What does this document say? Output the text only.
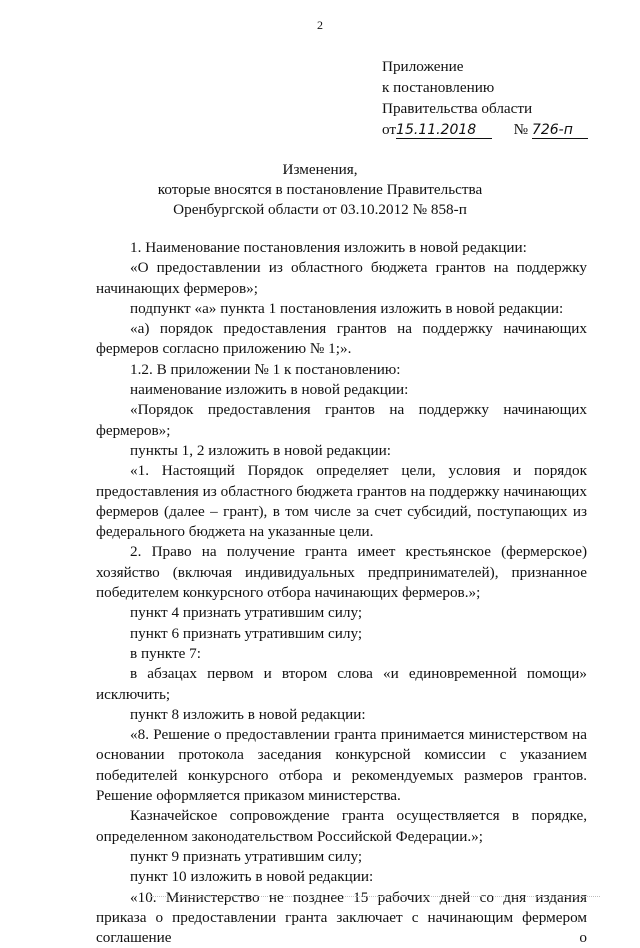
2
Приложение
к постановлению
Правительства области
от15.11.2018 № 726-п
Изменения,
которые вносятся в постановление Правительства
Оренбургской области от 03.10.2012 № 858-п

1. Наименование постановления изложить в новой редакции:

«О предоставлении из областного бюджета грантов на поддержку начинающих фермеров»;

подпункт «а» пункта 1 постановления изложить в новой редакции:

«а) порядок предоставления грантов на поддержку начинающих фермеров согласно приложению № 1;».

1.2. В приложении № 1 к постановлению:

наименование изложить в новой редакции:

«Порядок предоставления грантов на поддержку начинающих фермеров»;

пункты 1, 2 изложить в новой редакции:

«1. Настоящий Порядок определяет цели, условия и порядок предоставления из областного бюджета грантов на поддержку начинающих фермеров (далее – грант), в том числе за счет субсидий, поступающих из федерального бюджета на указанные цели.

2. Право на получение гранта имеет крестьянское (фермерское) хозяйство (включая индивидуальных предпринимателей), признанное победителем конкурсного отбора начинающих фермеров.»;

пункт 4 признать утратившим силу;

пункт 6 признать утратившим силу;

в пункте 7:

в абзацах первом и втором слова «и единовременной помощи» исключить;

пункт 8 изложить в новой редакции:

«8. Решение о предоставлении гранта принимается министерством на основании протокола заседания конкурсной комиссии с указанием победителей конкурсного отбора и рекомендуемых размеров грантов. Решение оформляется приказом министерства.

Казначейское сопровождение гранта осуществляется в порядке, определенном законодательством Российской Федерации.»;

пункт 9 признать утратившим силу;

пункт 10 изложить в новой редакции:

«10. Министерство не позднее 15 рабочих дней со дня издания приказа о предоставлении гранта заключает с начинающим фермером соглашение о
